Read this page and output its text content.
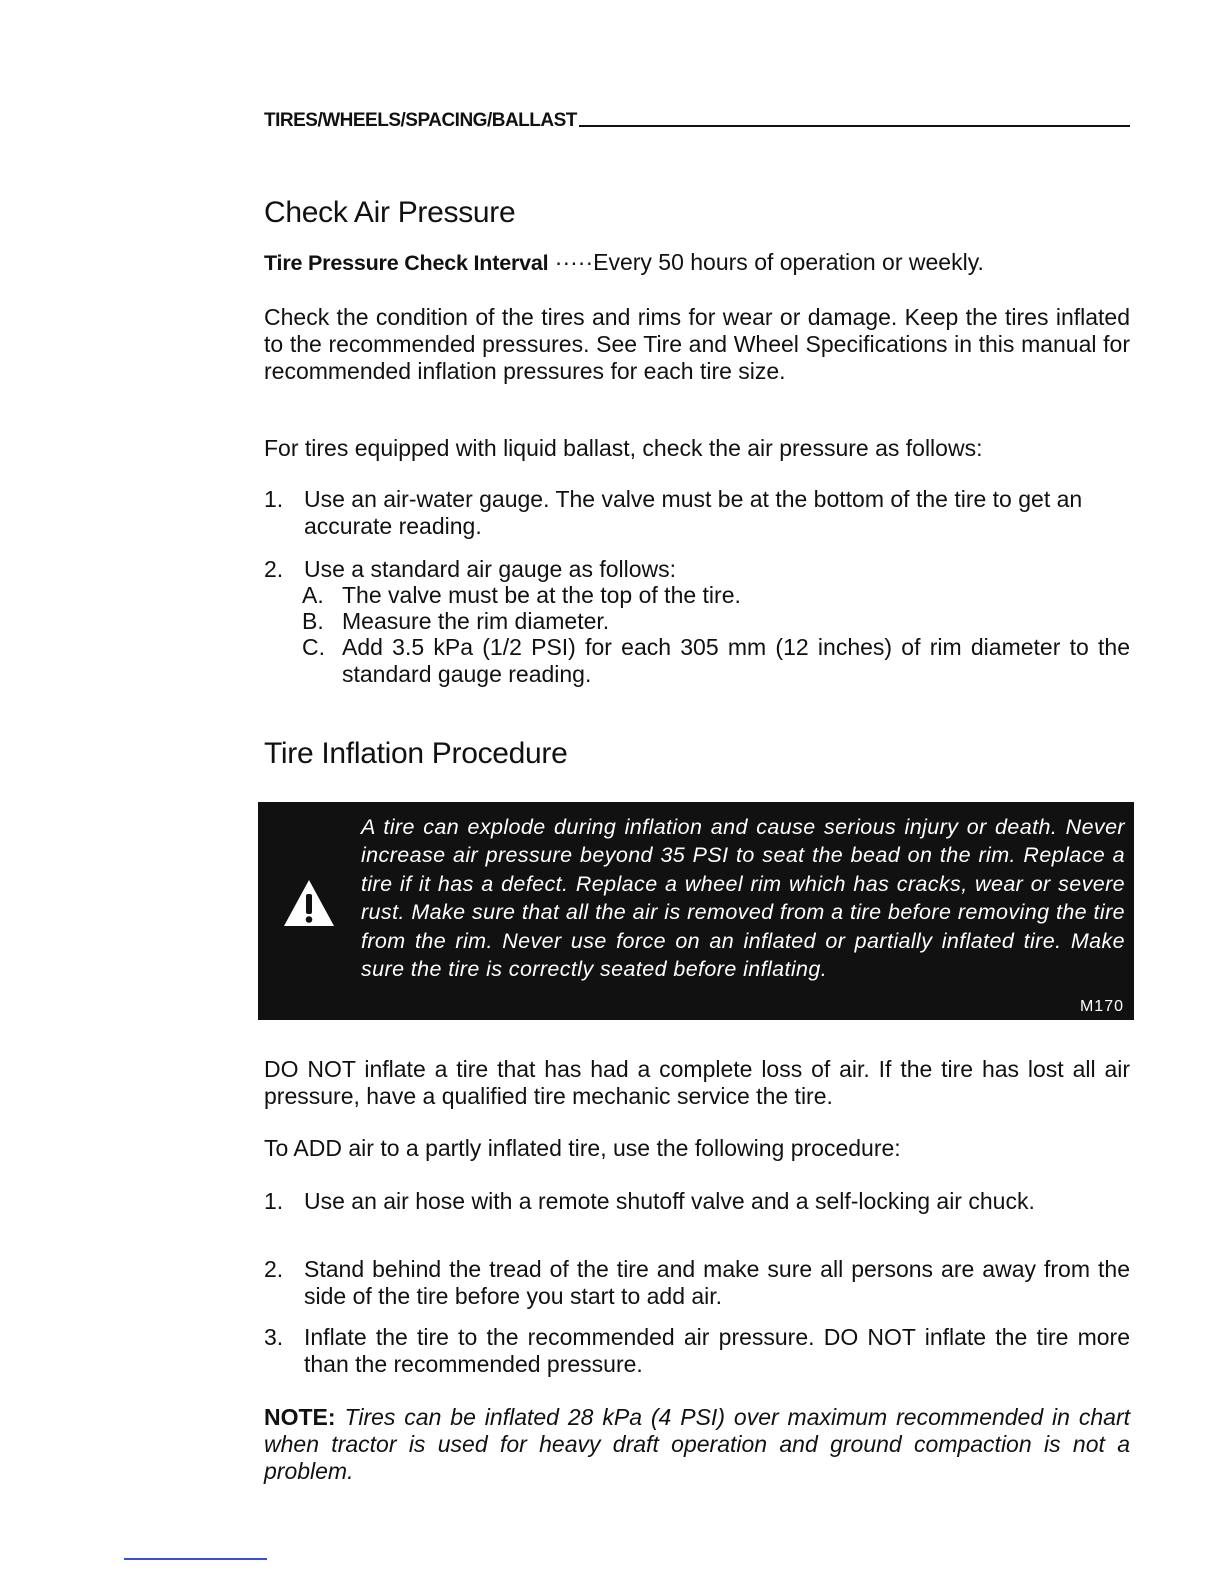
TIRES/WHEELS/SPACING/BALLAST
Check Air Pressure

Tire Pressure Check Interval ·····Every 50 hours of operation or weekly.

Check the condition of the tires and rims for wear or damage. Keep the tires inflated to the recommended pressures. See Tire and Wheel Specifications in this manual for recommended inflation pressures for each tire size.

For tires equipped with liquid ballast, check the air pressure as follows:

1. Use an air-water gauge. The valve must be at the bottom of the tire to get an accurate reading.
2. Use a standard air gauge as follows:
A. The valve must be at the top of the tire.
B. Measure the rim diameter.
C. Add 3.5 kPa (1/2 PSI) for each 305 mm (12 inches) of rim diameter to the standard gauge reading.
Tire Inflation Procedure
A tire can explode during inflation and cause serious injury or death. Never increase air pressure beyond 35 PSI to seat the bead on the rim. Replace a tire if it has a defect. Replace a wheel rim which has cracks, wear or severe rust. Make sure that all the air is removed from a tire before removing the tire from the rim. Never use force on an inflated or partially inflated tire. Make sure the tire is correctly seated before inflating.
M170

DO NOT inflate a tire that has had a complete loss of air. If the tire has lost all air pressure, have a qualified tire mechanic service the tire.

To ADD air to a partly inflated tire, use the following procedure:

1. Use an air hose with a remote shutoff valve and a self-locking air chuck.
2. Stand behind the tread of the tire and make sure all persons are away from the side of the tire before you start to add air.
3. Inflate the tire to the recommended air pressure. DO NOT inflate the tire more than the recommended pressure.
NOTE: Tires can be inflated 28 kPa (4 PSI) over maximum recommended in chart when tractor is used for heavy draft operation and ground compaction is not a problem.
